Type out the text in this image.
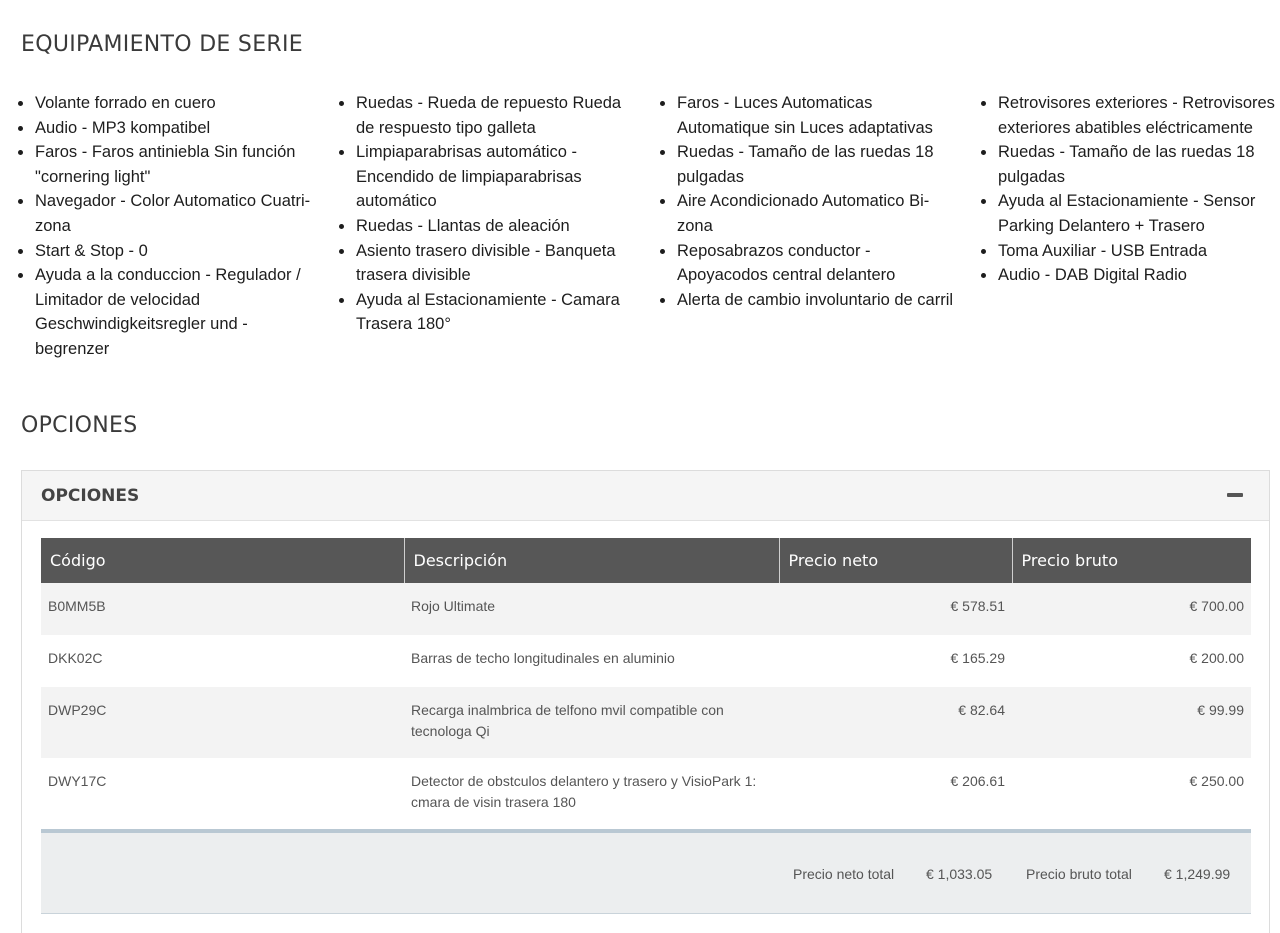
EQUIPAMIENTO DE SERIE
Volante forrado en cuero
Audio - MP3 kompatibel
Faros - Faros antiniebla Sin función "cornering light"
Navegador - Color Automatico Cuatri-zona
Start & Stop - 0
Ayuda a la conduccion - Regulador / Limitador de velocidad Geschwindigkeitsregler und -begrenzer
Ruedas - Rueda de repuesto Rueda de respuesto tipo galleta
Limpiaparabrisas automático - Encendido de limpiaparabrisas automático
Ruedas - Llantas de aleación
Asiento trasero divisible - Banqueta trasera divisible
Ayuda al Estacionamiente - Camara Trasera 180°
Faros - Luces Automaticas Automatique sin Luces adaptativas
Ruedas - Tamaño de las ruedas 18 pulgadas
Aire Acondicionado Automatico Bi-zona
Reposabrazos conductor - Apoyacodos central delantero
Alerta de cambio involuntario de carril
Retrovisores exteriores - Retrovisores exteriores abatibles eléctricamente
Ruedas - Tamaño de las ruedas 18 pulgadas
Ayuda al Estacionamiente - Sensor Parking Delantero + Trasero
Toma Auxiliar - USB Entrada
Audio - DAB Digital Radio
OPCIONES
OPCIONES
Código	Descripción	Precio neto	Precio bruto
B0MM5B	Rojo Ultimate	€ 578.51	€ 700.00
DKK02C	Barras de techo longitudinales en aluminio	€ 165.29	€ 200.00
DWP29C	Recarga inalmbrica de telfono mvil compatible con tecnologa Qi	€ 82.64	€ 99.99
DWY17C	Detector de obstculos delantero y trasero y VisioPark 1: cmara de visin trasera 180	€ 206.61	€ 250.00
Precio neto total € 1,033.05 Precio bruto total € 1,249.99
